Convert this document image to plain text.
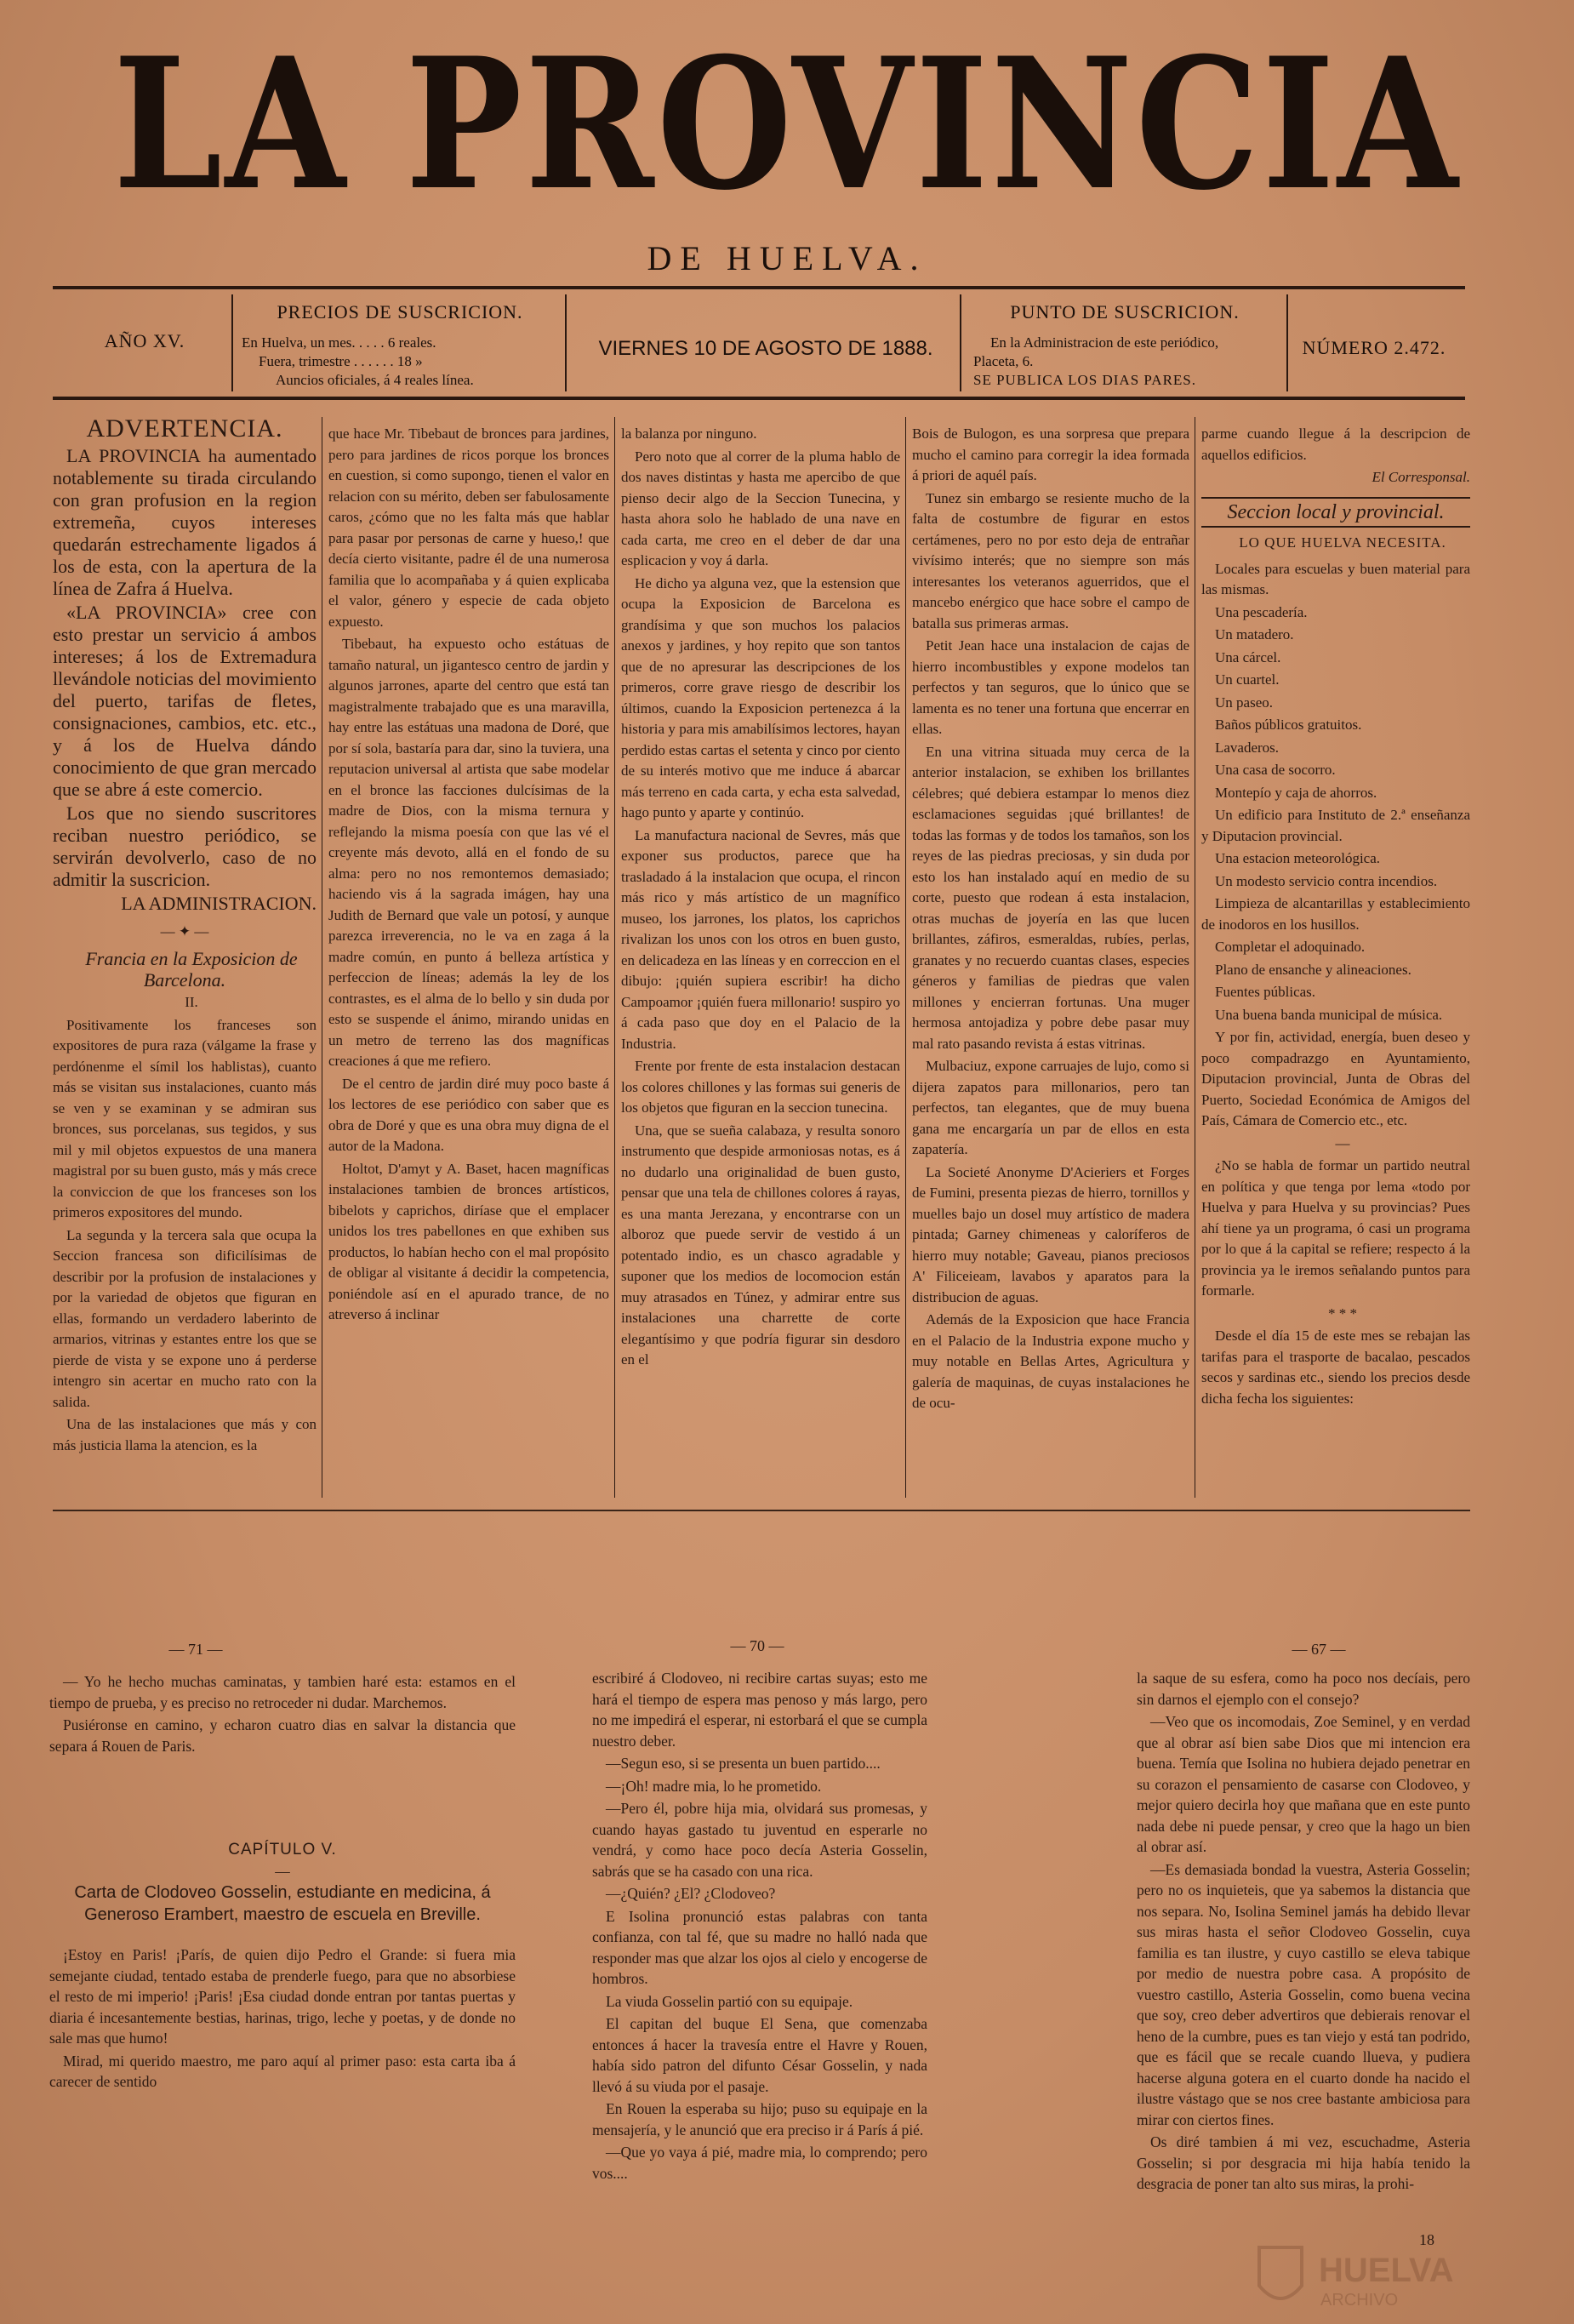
LA PROVINCIA
DE HUELVA.
AÑO XV.
PRECIOS DE SUSCRICION.
En Huelva, un mes. . . . . 6 reales.
Fuera, trimestre . . . . . . 18 »
Auncios oficiales, á 4 reales línea.
VIERNES 10 DE AGOSTO DE 1888.
PUNTO DE SUSCRICION.
En la Administracion de este periódico,
Placeta, 6.
SE PUBLICA LOS DIAS PARES.
NÚMERO 2.472.
ADVERTENCIA.

LA PROVINCIA ha aumentado notablemente su tirada circulando con gran profusion en la region extremeña, cuyos intereses quedarán estrechamente ligados á los de esta, con la apertura de la línea de Zafra á Huelva.

«LA PROVINCIA» cree con esto prestar un servicio á ambos intereses; á los de Extremadura llevándole noticias del movimiento del puerto, tarifas de fletes, consignaciones, cambios, etc. etc., y á los de Huelva dándo conocimiento de que gran mercado que se abre á este comercio.

Los que no siendo suscritores reciban nuestro periódico, se servirán devolverlo, caso de no admitir la suscricion.

LA ADMINISTRACION.

— ✦ —

Francia en la Exposicion de Barcelona.

II.

Positivamente los franceses son expositores de pura raza (válgame la frase y perdónenme el símil los hablistas), cuanto más se visitan sus instalaciones, cuanto más se ven y se examinan y se admiran sus bronces, sus porcelanas, sus tegidos, y sus mil y mil objetos expuestos de una manera magistral por su buen gusto, más y más crece la conviccion de que los franceses son los primeros expositores del mundo.

La segunda y la tercera sala que ocupa la Seccion francesa son dificilísimas de describir por la profusion de instalaciones y por la variedad de objetos que figuran en ellas, formando un verdadero laberinto de armarios, vitrinas y estantes entre los que se pierde de vista y se expone uno á perderse intengro sin acertar en mucho rato con la salida.

Una de las instalaciones que más y con más justicia llama la atencion, es la

que hace Mr. Tibebaut de bronces para jardines, pero para jardines de ricos porque los bronces en cuestion, si como supongo, tienen el valor en relacion con su mérito, deben ser fabulosamente caros, ¿cómo que no les falta más que hablar para pasar por personas de carne y hueso,! que decía cierto visitante, padre él de una numerosa familia que lo acompañaba y á quien explicaba el valor, género y especie de cada objeto expuesto.

Tibebaut, ha expuesto ocho estátuas de tamaño natural, un jigantesco centro de jardin y algunos jarrones, aparte del centro que está tan magistralmente trabajado que es una maravilla, hay entre las estátuas una madona de Doré, que por sí sola, bastaría para dar, sino la tuviera, una reputacion universal al artista que sabe modelar en el bronce las facciones dulcísimas de la madre de Dios, con la misma ternura y reflejando la misma poesía con que las vé el creyente más devoto, allá en el fondo de su alma: pero no nos remontemos demasiado; haciendo vis á la sagrada imágen, hay una Judith de Bernard que vale un potosí, y aunque parezca irreverencia, no le va en zaga á la madre común, en punto á belleza artística y perfeccion de líneas; además la ley de los contrastes, es el alma de lo bello y sin duda por esto se suspende el ánimo, mirando unidas en un metro de terreno las dos magníficas creaciones á que me refiero.

De el centro de jardin diré muy poco baste á los lectores de ese periódico con saber que es obra de Doré y que es una obra muy digna de el autor de la Madona.

Holtot, D'amyt y A. Baset, hacen magníficas instalaciones tambien de bronces artísticos, bibelots y caprichos, diríase que el emplacer unidos los tres pabellones en que exhiben sus productos, lo habían hecho con el mal propósito de obligar al visitante á decidir la competencia, poniéndole así en el apurado trance, de no atreverso á inclinar

la balanza por ninguno.

Pero noto que al correr de la pluma hablo de dos naves distintas y hasta me apercibo de que pienso decir algo de la Seccion Tunecina, y hasta ahora solo he hablado de una nave en cada carta, me creo en el deber de dar una esplicacion y voy á darla.

He dicho ya alguna vez, que la estension que ocupa la Exposicion de Barcelona es grandísima y que son muchos los palacios anexos y jardines, y hoy repito que son tantos que de no apresurar las descripciones de los primeros, corre grave riesgo de describir los últimos, cuando la Exposicion pertenezca á la historia y para mis amabilísimos lectores, hayan perdido estas cartas el setenta y cinco por ciento de su interés motivo que me induce á abarcar más terreno en cada carta, y echa esta salvedad, hago punto y aparte y continúo.

La manufactura nacional de Sevres, más que exponer sus productos, parece que ha trasladado á la instalacion que ocupa, el rincon más rico y más artístico de un magnífico museo, los jarrones, los platos, los caprichos rivalizan los unos con los otros en buen gusto, en delicadeza en las líneas y en correccion en el dibujo: ¡quién supiera escribir! ha dicho Campoamor ¡quién fuera millonario! suspiro yo á cada paso que doy en el Palacio de la Industria.

Frente por frente de esta instalacion destacan los colores chillones y las formas sui generis de los objetos que figuran en la seccion tunecina.

Una, que se sueña calabaza, y resulta sonoro instrumento que despide armoniosas notas, es á no dudarlo una originalidad de buen gusto, pensar que una tela de chillones colores á rayas, es una manta Jerezana, y encontrarse con un alboroz que puede servir de vestido á un potentado indio, es un chasco agradable y suponer que los medios de locomocion están muy atrasados en Túnez, y admirar entre sus instalaciones una charrette de corte elegantísimo y que podría figurar sin desdoro en el

Bois de Bulogon, es una sorpresa que prepara mucho el camino para corregir la idea formada á priori de aquél país.

Tunez sin embargo se resiente mucho de la falta de costumbre de figurar en estos certámenes, pero no por esto deja de entrañar vivísimo interés; que no siempre son más interesantes los veteranos aguerridos, que el mancebo enérgico que hace sobre el campo de batalla sus primeras armas.

Petit Jean hace una instalacion de cajas de hierro incombustibles y expone modelos tan perfectos y tan seguros, que lo único que se lamenta es no tener una fortuna que encerrar en ellas.

En una vitrina situada muy cerca de la anterior instalacion, se exhiben los brillantes célebres; qué debiera estampar lo menos diez esclamaciones seguidas ¡qué brillantes! de todas las formas y de todos los tamaños, son los reyes de las piedras preciosas, y sin duda por esto los han instalado aquí en medio de su corte, puesto que rodean á esta instalacion, otras muchas de joyería en las que lucen brillantes, záfiros, esmeraldas, rubíes, perlas, granates y no recuerdo cuantas clases, especies géneros y familias de piedras que valen millones y encierran fortunas. Una muger hermosa antojadiza y pobre debe pasar muy mal rato pasando revista á estas vitrinas.

Mulbaciuz, expone carruajes de lujo, como si dijera zapatos para millonarios, pero tan perfectos, tan elegantes, que de muy buena gana me encargaría un par de ellos en esta zapatería.

La Societé Anonyme D'Acieriers et Forges de Fumini, presenta piezas de hierro, tornillos y muelles bajo un dosel muy artístico de madera pintada; Garney chimeneas y caloríferos de hierro muy notable; Gaveau, pianos preciosos A' Filiceieam, lavabos y aparatos para la distribucion de aguas.

Además de la Exposicion que hace Francia en el Palacio de la Industria expone mucho y muy notable en Bellas Artes, Agricultura y galería de maquinas, de cuyas instalaciones he de ocu-

parme cuando llegue á la descripcion de aquellos edificios.

El Corresponsal.

Seccion local y provincial.

LO QUE HUELVA NECESITA.

Locales para escuelas y buen material para las mismas.

Una pescadería.

Un matadero.

Una cárcel.

Un cuartel.

Un paseo.

Baños públicos gratuitos.

Lavaderos.

Una casa de socorro.

Montepío y caja de ahorros.

Un edificio para Instituto de 2.ª enseñanza y Diputacion provincial.

Una estacion meteorológica.

Un modesto servicio contra incendios.

Limpieza de alcantarillas y establecimiento de inodoros en los husillos.

Completar el adoquinado.

Plano de ensanche y alineaciones.

Fuentes públicas.

Una buena banda municipal de música.

Y por fin, actividad, energía, buen deseo y poco compadrazgo en Ayuntamiento, Diputacion provincial, Junta de Obras del Puerto, Sociedad Económica de Amigos del País, Cámara de Comercio etc., etc.

—

¿No se habla de formar un partido neutral en política y que tenga por lema «todo por Huelva y para Huelva y su provincias? Pues ahí tiene ya un programa, ó casi un programa por lo que á la capital se refiere; respecto á la provincia ya le iremos señalando puntos para formarle.

* * *

Desde el día 15 de este mes se rebajan las tarifas para el trasporte de bacalao, pescados secos y sardinas etc., siendo los precios desde dicha fecha los siguientes:

— 71 —	— 70 —	— 67 —

— Yo he hecho muchas caminatas, y tambien haré esta: estamos en el tiempo de prueba, y es preciso no retroceder ni dudar. Marchemos.

Pusiéronse en camino, y echaron cuatro dias en salvar la distancia que separa á Rouen de Paris.

CAPÍTULO V.
—
Carta de Clodoveo Gosselin, estudiante en medicina, á Generoso Erambert, maestro de escuela en Breville.

¡Estoy en Paris! ¡París, de quien dijo Pedro el Grande: si fuera mia semejante ciudad, tentado estaba de prenderle fuego, para que no absorbiese el resto de mi imperio! ¡Paris! ¡Esa ciudad donde entran por tantas puertas y diaria é incesantemente bestias, harinas, trigo, leche y poetas, y de donde no sale mas que humo!

Mirad, mi querido maestro, me paro aquí al primer paso: esta carta iba á carecer de sentido

escribiré á Clodoveo, ni recibire cartas suyas; esto me hará el tiempo de espera mas penoso y más largo, pero no me impedirá el esperar, ni estorbará el que se cumpla nuestro deber.

—Segun eso, si se presenta un buen partido....

—¡Oh! madre mia, lo he prometido.

—Pero él, pobre hija mia, olvidará sus promesas, y cuando hayas gastado tu juventud en esperarle no vendrá, y como hace poco decía Asteria Gosselin, sabrás que se ha casado con una rica.

—¿Quién? ¿El? ¿Clodoveo?

E Isolina pronunció estas palabras con tanta confianza, con tal fé, que su madre no halló nada que responder mas que alzar los ojos al cielo y encogerse de hombros.

La viuda Gosselin partió con su equipaje.

El capitan del buque El Sena, que comenzaba entonces á hacer la travesía entre el Havre y Rouen, había sido patron del difunto César Gosselin, y nada llevó á su viuda por el pasaje.

En Rouen la esperaba su hijo; puso su equipaje en la mensajería, y le anunció que era preciso ir á París á pié.

—Que yo vaya á pié, madre mia, lo comprendo; pero vos....

la saque de su esfera, como ha poco nos decíais, pero sin darnos el ejemplo con el consejo?

—Veo que os incomodais, Zoe Seminel, y en verdad que al obrar así bien sabe Dios que mi intencion era buena. Temía que Isolina no hubiera dejado penetrar en su corazon el pensamiento de casarse con Clodoveo, y mejor quiero decirla hoy que mañana que en este punto nada debe ni puede pensar, y creo que la hago un bien al obrar así.

—Es demasiada bondad la vuestra, Asteria Gosselin; pero no os inquieteis, que ya sabemos la distancia que nos separa. No, Isolina Seminel jamás ha debido llevar sus miras hasta el señor Clodoveo Gosselin, cuya familia es tan ilustre, y cuyo castillo se eleva tabique por medio de nuestra pobre casa. A propósito de vuestro castillo, Asteria Gosselin, como buena vecina que soy, creo deber advertiros que debierais renovar el heno de la cumbre, pues es tan viejo y está tan podrido, que es fácil que se recale cuando llueva, y pudiera hacerse alguna gotera en el cuarto donde ha nacido el ilustre vástago que se nos cree bastante ambiciosa para mirar con ciertos fines.

Os diré tambien á mi vez, escuchadme, Asteria Gosselin; si por desgracia mi hija había tenido la desgracia de poner tan alto sus miras, la prohi-

18
HUELVA
ARCHIVO
